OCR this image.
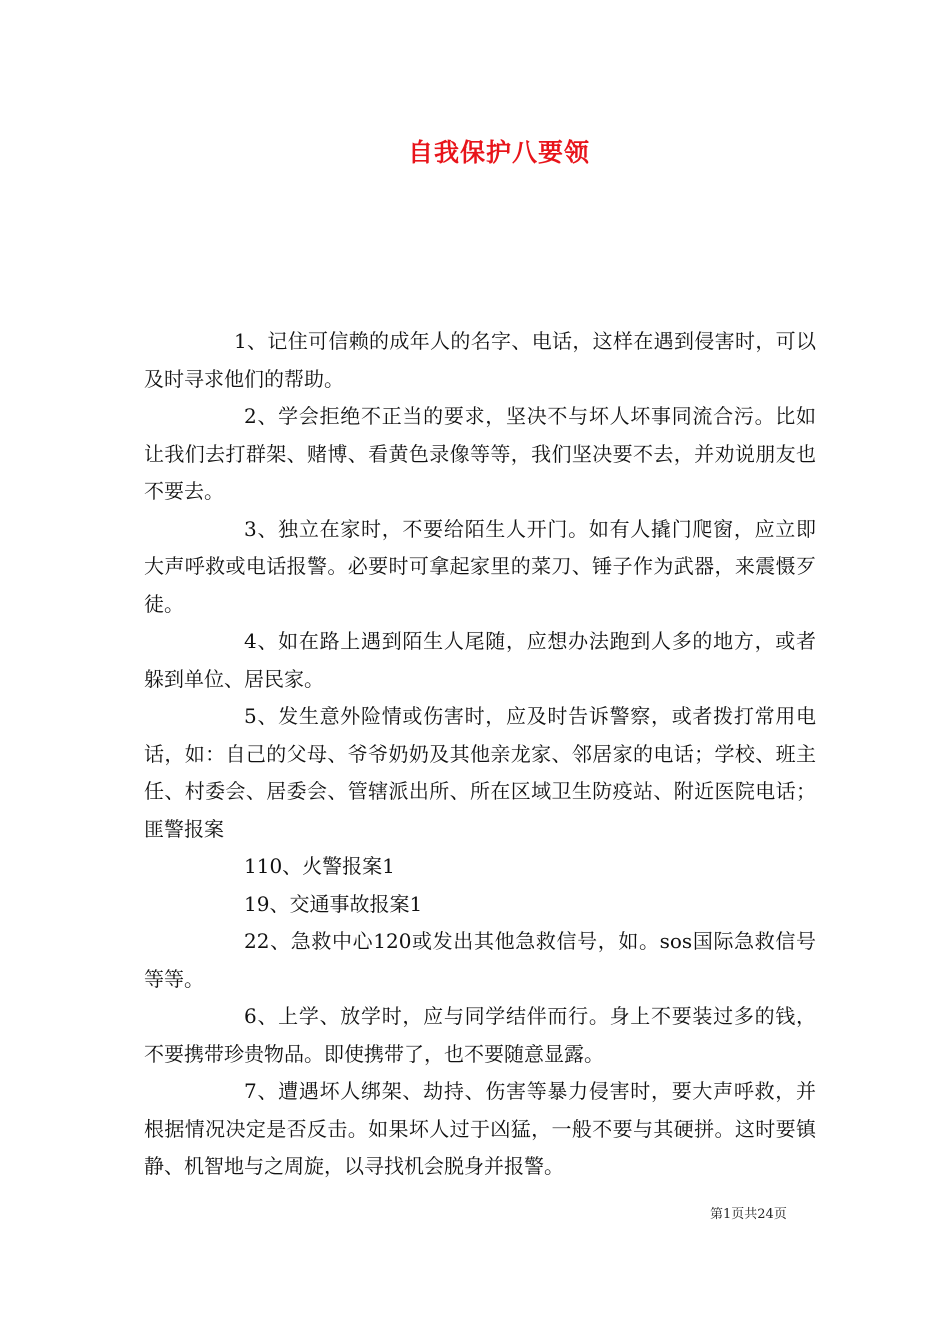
自我保护八要领

1、记住可信赖的成年人的名字、电话，这样在遇到侵害时，可以及时寻求他们的帮助。

2、学会拒绝不正当的要求，坚决不与坏人坏事同流合污。比如让我们去打群架、赌博、看黄色录像等等，我们坚决要不去，并劝说朋友也不要去。

3、独立在家时，不要给陌生人开门。如有人撬门爬窗，应立即大声呼救或电话报警。必要时可拿起家里的菜刀、锤子作为武器，来震慑歹徒。

4、如在路上遇到陌生人尾随，应想办法跑到人多的地方，或者躲到单位、居民家。

5、发生意外险情或伤害时，应及时告诉警察，或者拨打常用电话，如：自己的父母、爷爷奶奶及其他亲龙家、邻居家的电话；学校、班主任、村委会、居委会、管辖派出所、所在区域卫生防疫站、附近医院电话；匪警报案

110、火警报案1

19、交通事故报案1

22、急救中心120或发出其他急救信号，如。sos国际急救信号等等。

6、上学、放学时，应与同学结伴而行。身上不要装过多的钱，不要携带珍贵物品。即使携带了，也不要随意显露。

7、遭遇坏人绑架、劫持、伤害等暴力侵害时，要大声呼救，并根据情况决定是否反击。如果坏人过于凶猛，一般不要与其硬拼。这时要镇静、机智地与之周旋，以寻找机会脱身并报警。

第1页共24页
